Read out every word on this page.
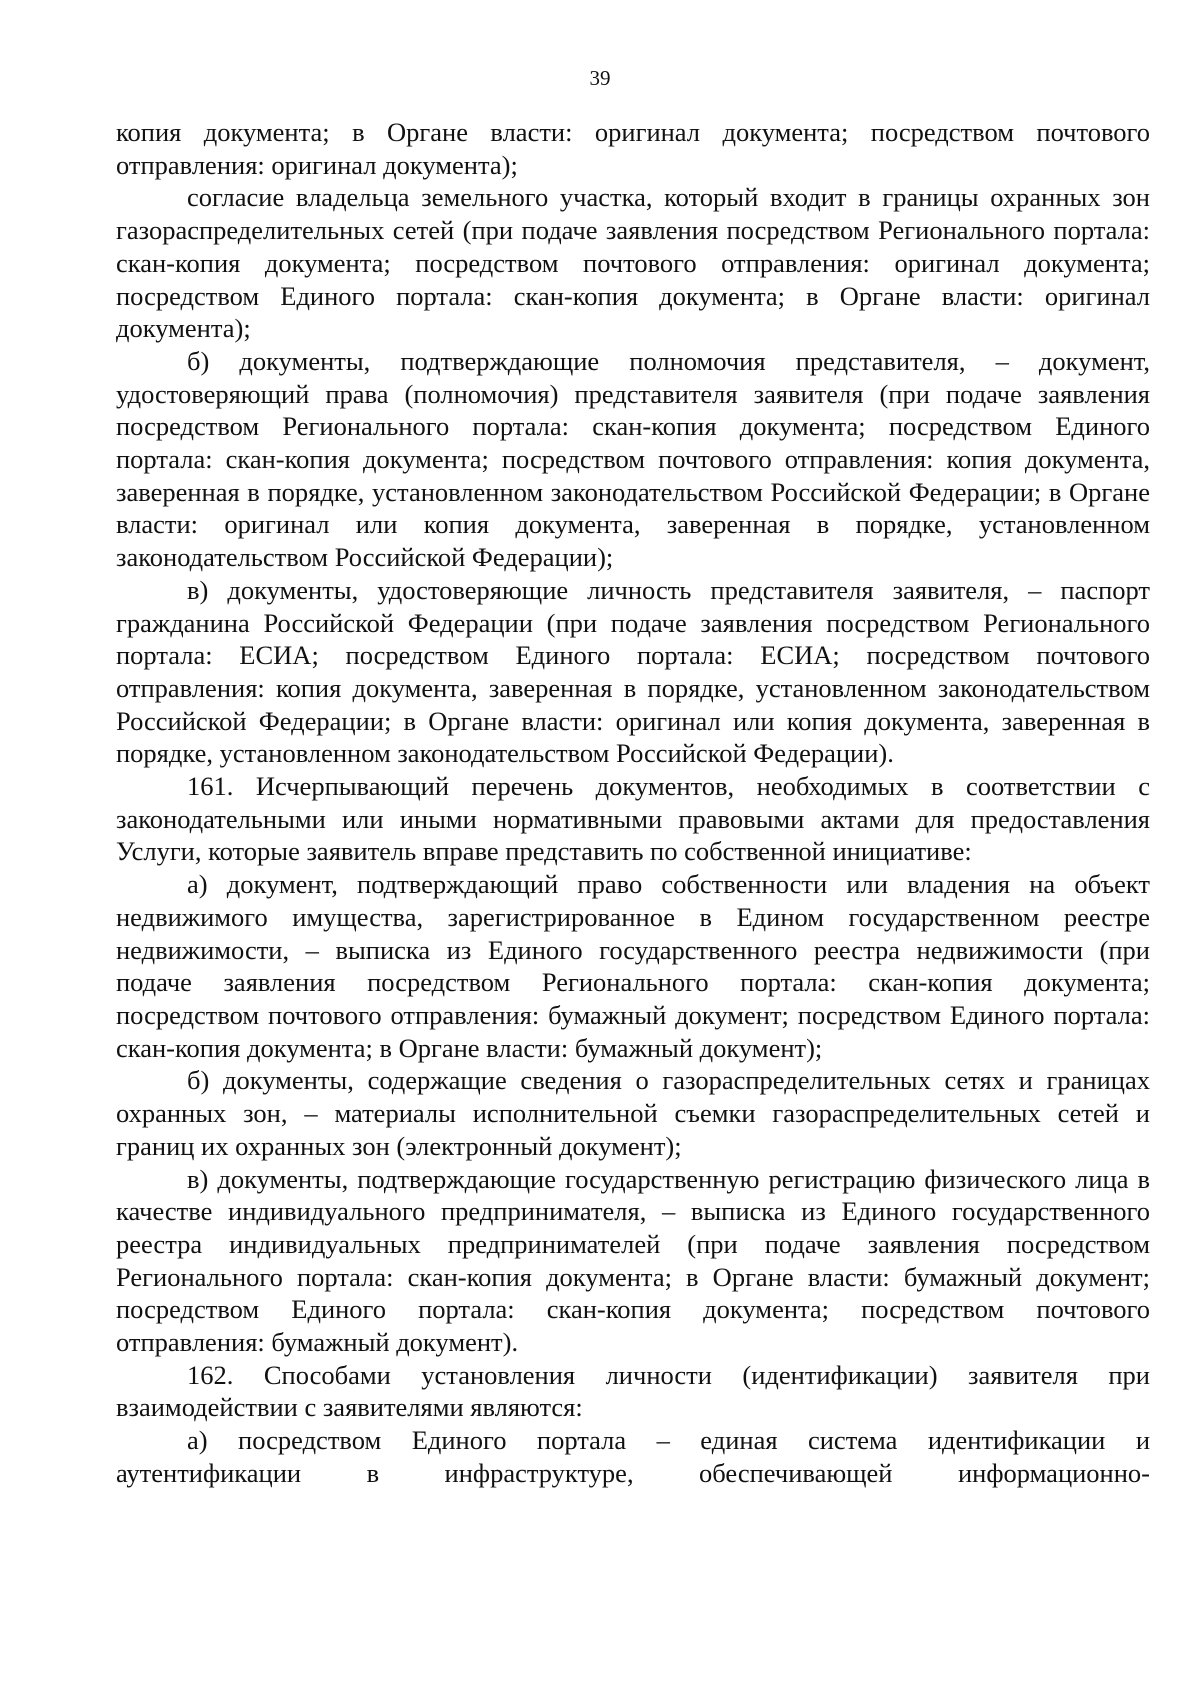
39

копия документа; в Органе власти: оригинал документа; посредством почтового отправления: оригинал документа);

согласие владельца земельного участка, который входит в границы охранных зон газораспределительных сетей (при подаче заявления посредством Регионального портала: скан-копия документа; посредством почтового отправления: оригинал документа; посредством Единого портала: скан-копия документа; в Органе власти: оригинал документа);

б) документы, подтверждающие полномочия представителя, – документ, удостоверяющий права (полномочия) представителя заявителя (при подаче заявления посредством Регионального портала: скан-копия документа; посредством Единого портала: скан-копия документа; посредством почтового отправления: копия документа, заверенная в порядке, установленном законодательством Российской Федерации; в Органе власти: оригинал или копия документа, заверенная в порядке, установленном законодательством Российской Федерации);

в) документы, удостоверяющие личность представителя заявителя, – паспорт гражданина Российской Федерации (при подаче заявления посредством Регионального портала: ЕСИА; посредством Единого портала: ЕСИА; посредством почтового отправления: копия документа, заверенная в порядке, установленном законодательством Российской Федерации; в Органе власти: оригинал или копия документа, заверенная в порядке, установленном законодательством Российской Федерации).

161. Исчерпывающий перечень документов, необходимых в соответствии с законодательными или иными нормативными правовыми актами для предоставления Услуги, которые заявитель вправе представить по собственной инициативе:

а) документ, подтверждающий право собственности или владения на объект недвижимого имущества, зарегистрированное в Едином государственном реестре недвижимости, – выписка из Единого государственного реестра недвижимости (при подаче заявления посредством Регионального портала: скан-копия документа; посредством почтового отправления: бумажный документ; посредством Единого портала: скан-копия документа; в Органе власти: бумажный документ);

б) документы, содержащие сведения о газораспределительных сетях и границах охранных зон, – материалы исполнительной съемки газораспределительных сетей и границ их охранных зон (электронный документ);

в) документы, подтверждающие государственную регистрацию физического лица в качестве индивидуального предпринимателя, – выписка из Единого государственного реестра индивидуальных предпринимателей (при подаче заявления посредством Регионального портала: скан-копия документа; в Органе власти: бумажный документ; посредством Единого портала: скан-копия документа; посредством почтового отправления: бумажный документ).

162. Способами установления личности (идентификации) заявителя при взаимодействии с заявителями являются:

а) посредством Единого портала – единая система идентификации и аутентификации в инфраструктуре, обеспечивающей информационно-
